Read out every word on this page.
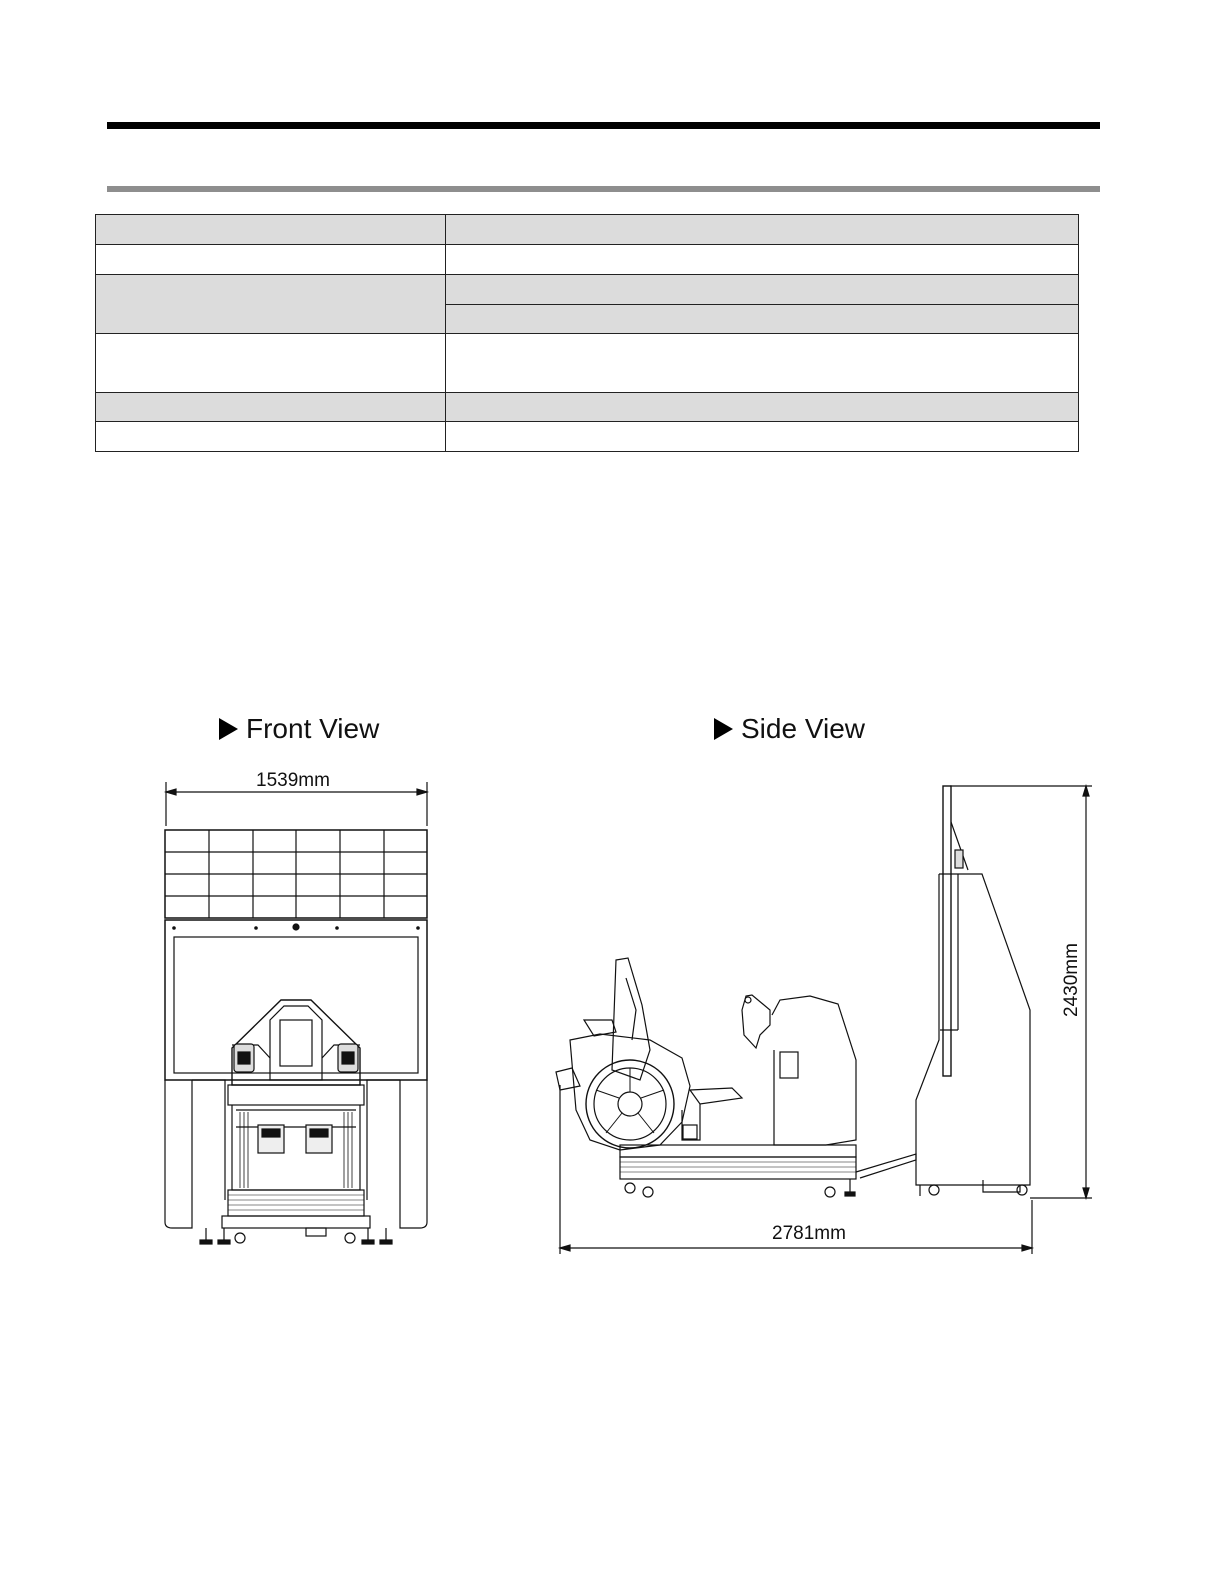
Front View	Side View
1539mm
2781mm
2430mm
